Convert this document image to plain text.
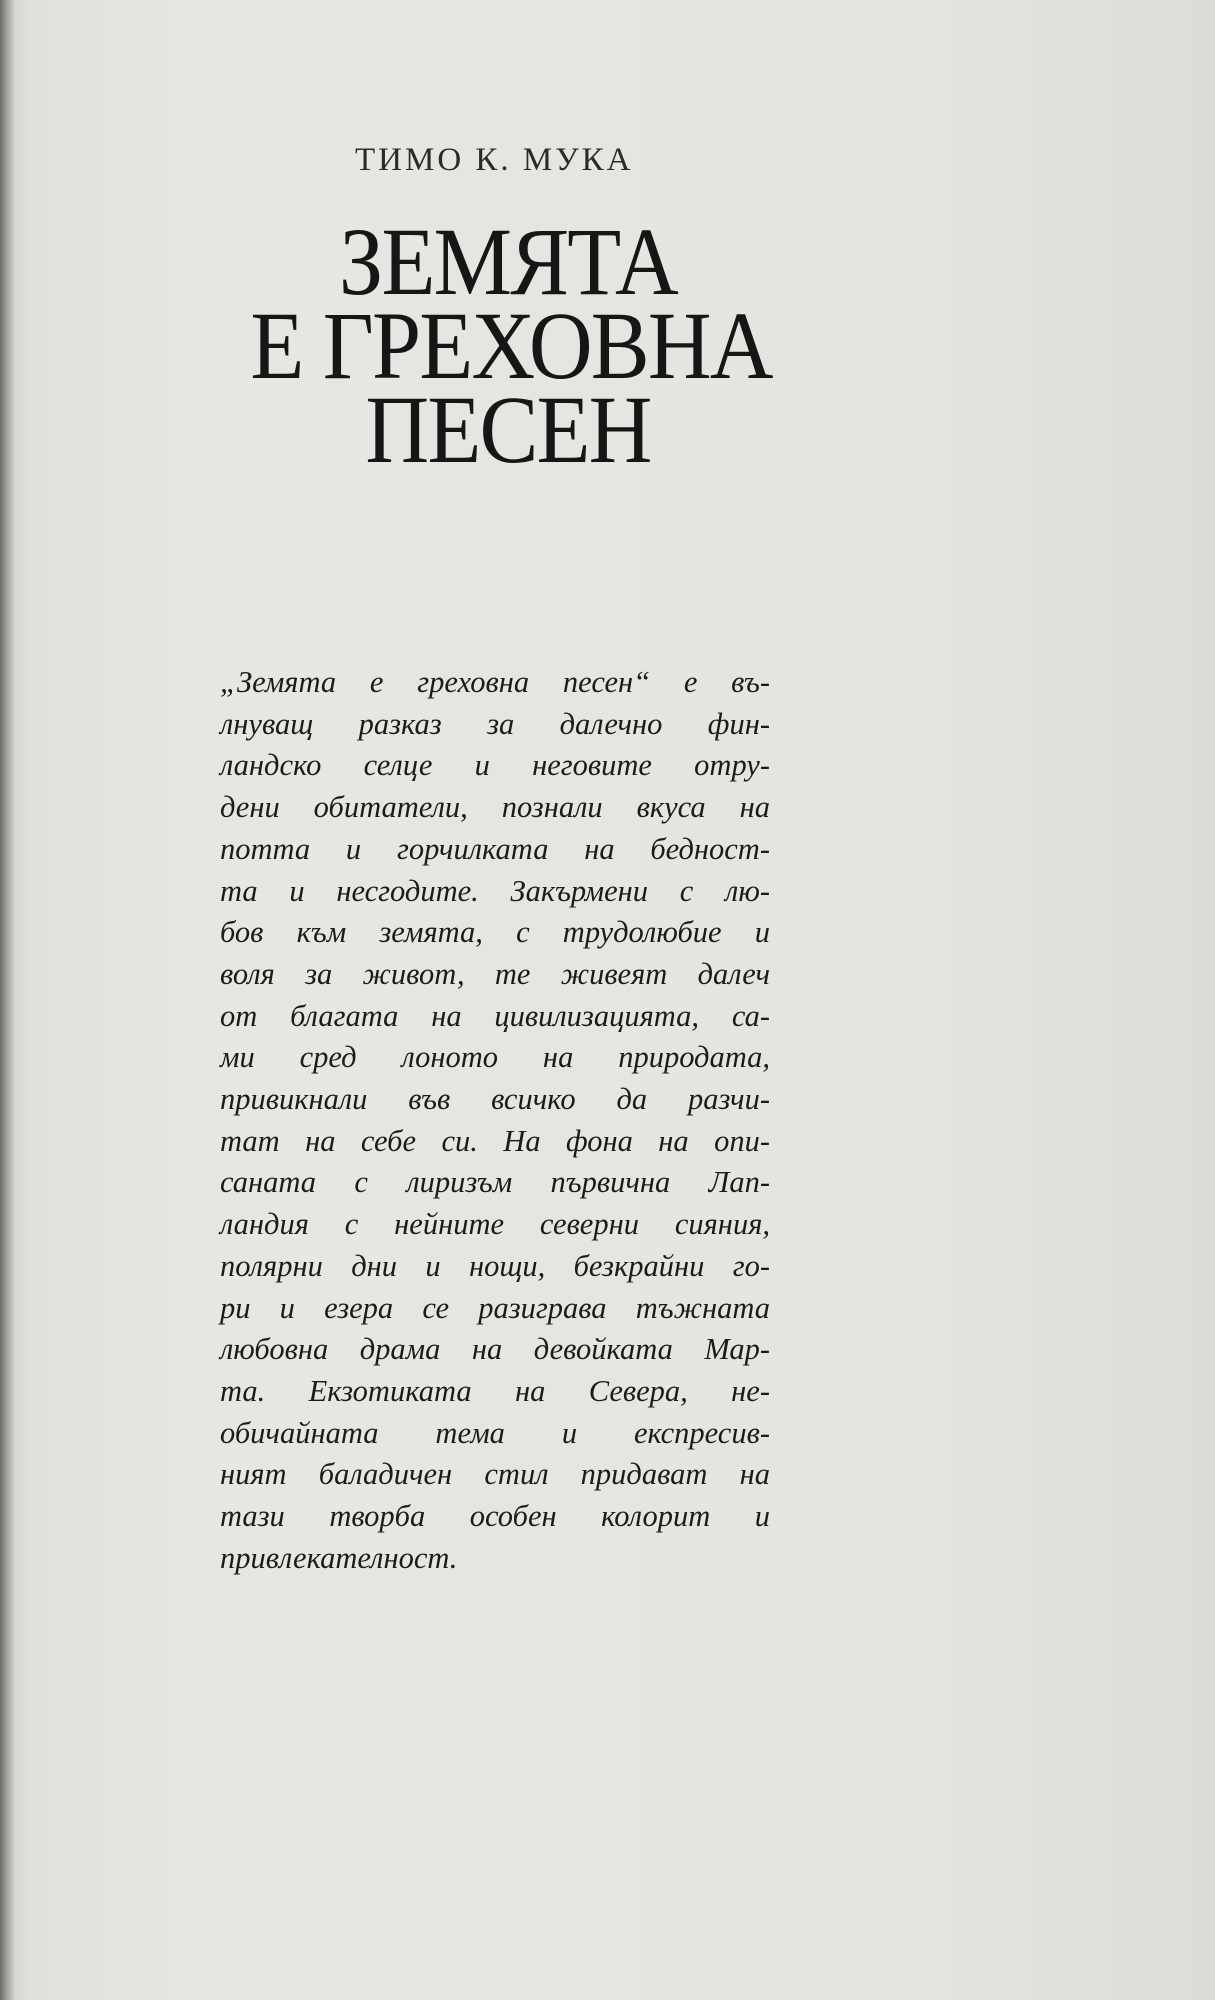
ТИМО К. МУКА
ЗЕМЯТА
Е ГРЕХОВНА
ПЕСЕН
„Земята е греховна песен“ е въ-
лнуващ разказ за далечно фин-
ландско селце и неговите отру-
дени обитатели, познали вкуса на
потта и горчилката на бедност-
та и несгодите. Закърмени с лю-
бов към земята, с трудолюбие и
воля за живот, те живеят далеч
от благата на цивилизацията, са-
ми сред лоното на природата,
привикнали във всичко да разчи-
тат на себе си. На фона на опи-
саната с лиризъм първична Лап-
ландия с нейните северни сияния,
полярни дни и нощи, безкрайни го-
ри и езера се разиграва тъжната
любовна драма на девойката Мар-
та. Екзотиката на Севера, не-
обичайната тема и експресив-
ният баладичен стил придават на
тази творба особен колорит и
привлекателност.
